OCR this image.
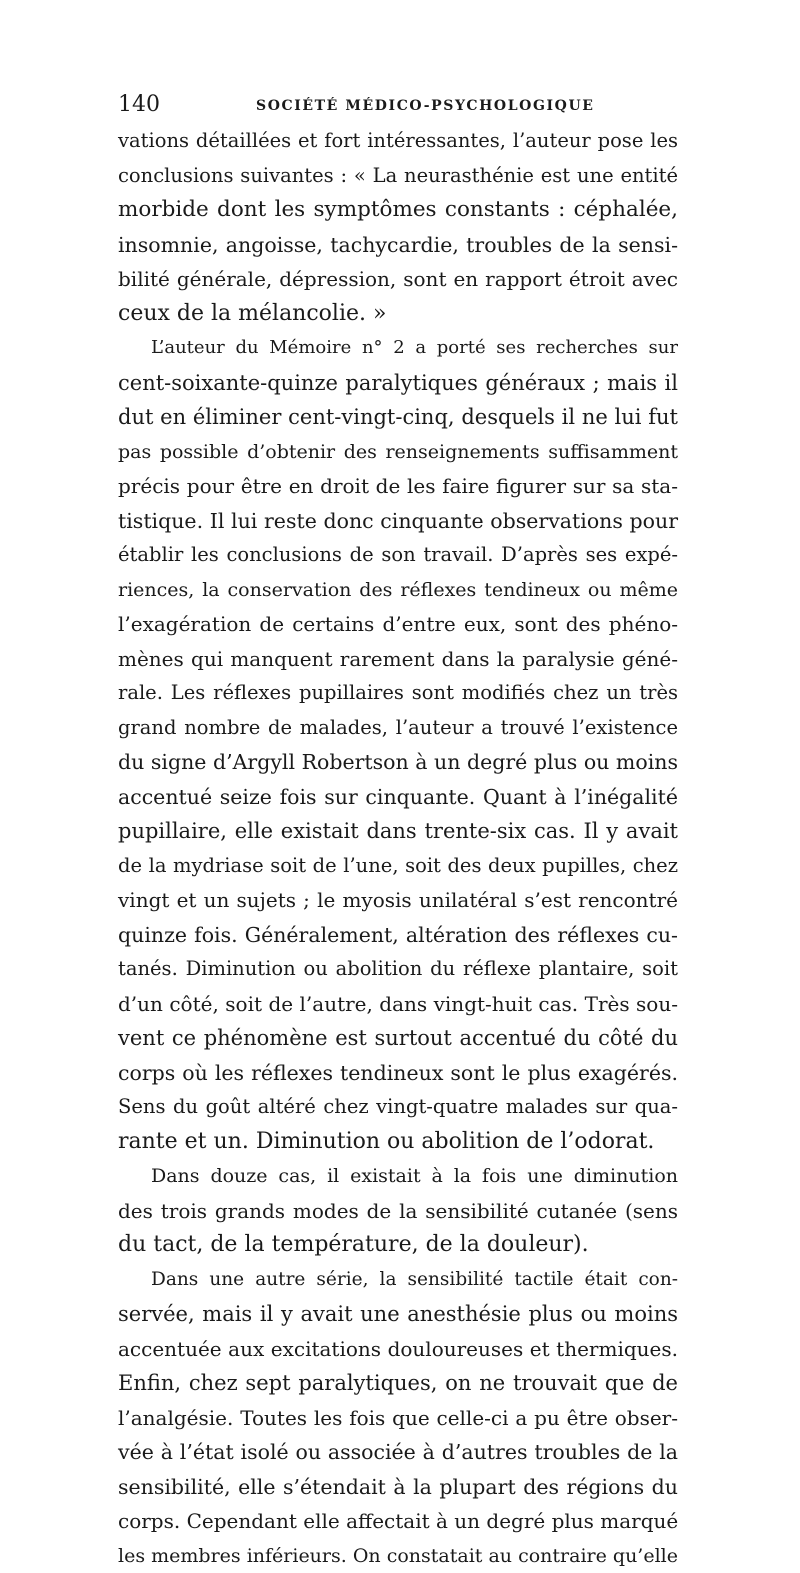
140	SOCIÉTÉ MÉDICO-PSYCHOLOGIQUE
vations détaillées et fort intéressantes, l’auteur pose les
conclusions suivantes : « La neurasthénie est une entité
morbide dont les symptômes constants : céphalée,
insomnie, angoisse, tachycardie, troubles de la sensi-
bilité générale, dépression, sont en rapport étroit avec
ceux de la mélancolie. »
L’auteur du Mémoire n° 2 a porté ses recherches sur
cent-soixante-quinze paralytiques généraux ; mais il
dut en éliminer cent-vingt-cinq, desquels il ne lui fut
pas possible d’obtenir des renseignements suffisamment
précis pour être en droit de les faire figurer sur sa sta-
tistique. Il lui reste donc cinquante observations pour
établir les conclusions de son travail. D’après ses expé-
riences, la conservation des réflexes tendineux ou même
l’exagération de certains d’entre eux, sont des phéno-
mènes qui manquent rarement dans la paralysie géné-
rale. Les réflexes pupillaires sont modifiés chez un très
grand nombre de malades, l’auteur a trouvé l’existence
du signe d’Argyll Robertson à un degré plus ou moins
accentué seize fois sur cinquante. Quant à l’inégalité
pupillaire, elle existait dans trente-six cas. Il y avait
de la mydriase soit de l’une, soit des deux pupilles, chez
vingt et un sujets ; le myosis unilatéral s’est rencontré
quinze fois. Généralement, altération des réflexes cu-
tanés. Diminution ou abolition du réflexe plantaire, soit
d’un côté, soit de l’autre, dans vingt-huit cas. Très sou-
vent ce phénomène est surtout accentué du côté du
corps où les réflexes tendineux sont le plus exagérés.
Sens du goût altéré chez vingt-quatre malades sur qua-
rante et un. Diminution ou abolition de l’odorat.
Dans douze cas, il existait à la fois une diminution
des trois grands modes de la sensibilité cutanée (sens
du tact, de la température, de la douleur).
Dans une autre série, la sensibilité tactile était con-
servée, mais il y avait une anesthésie plus ou moins
accentuée aux excitations douloureuses et thermiques.
Enfin, chez sept paralytiques, on ne trouvait que de
l’analgésie. Toutes les fois que celle-ci a pu être obser-
vée à l’état isolé ou associée à d’autres troubles de la
sensibilité, elle s’étendait à la plupart des régions du
corps. Cependant elle affectait à un degré plus marqué
les membres inférieurs. On constatait au contraire qu’elle
